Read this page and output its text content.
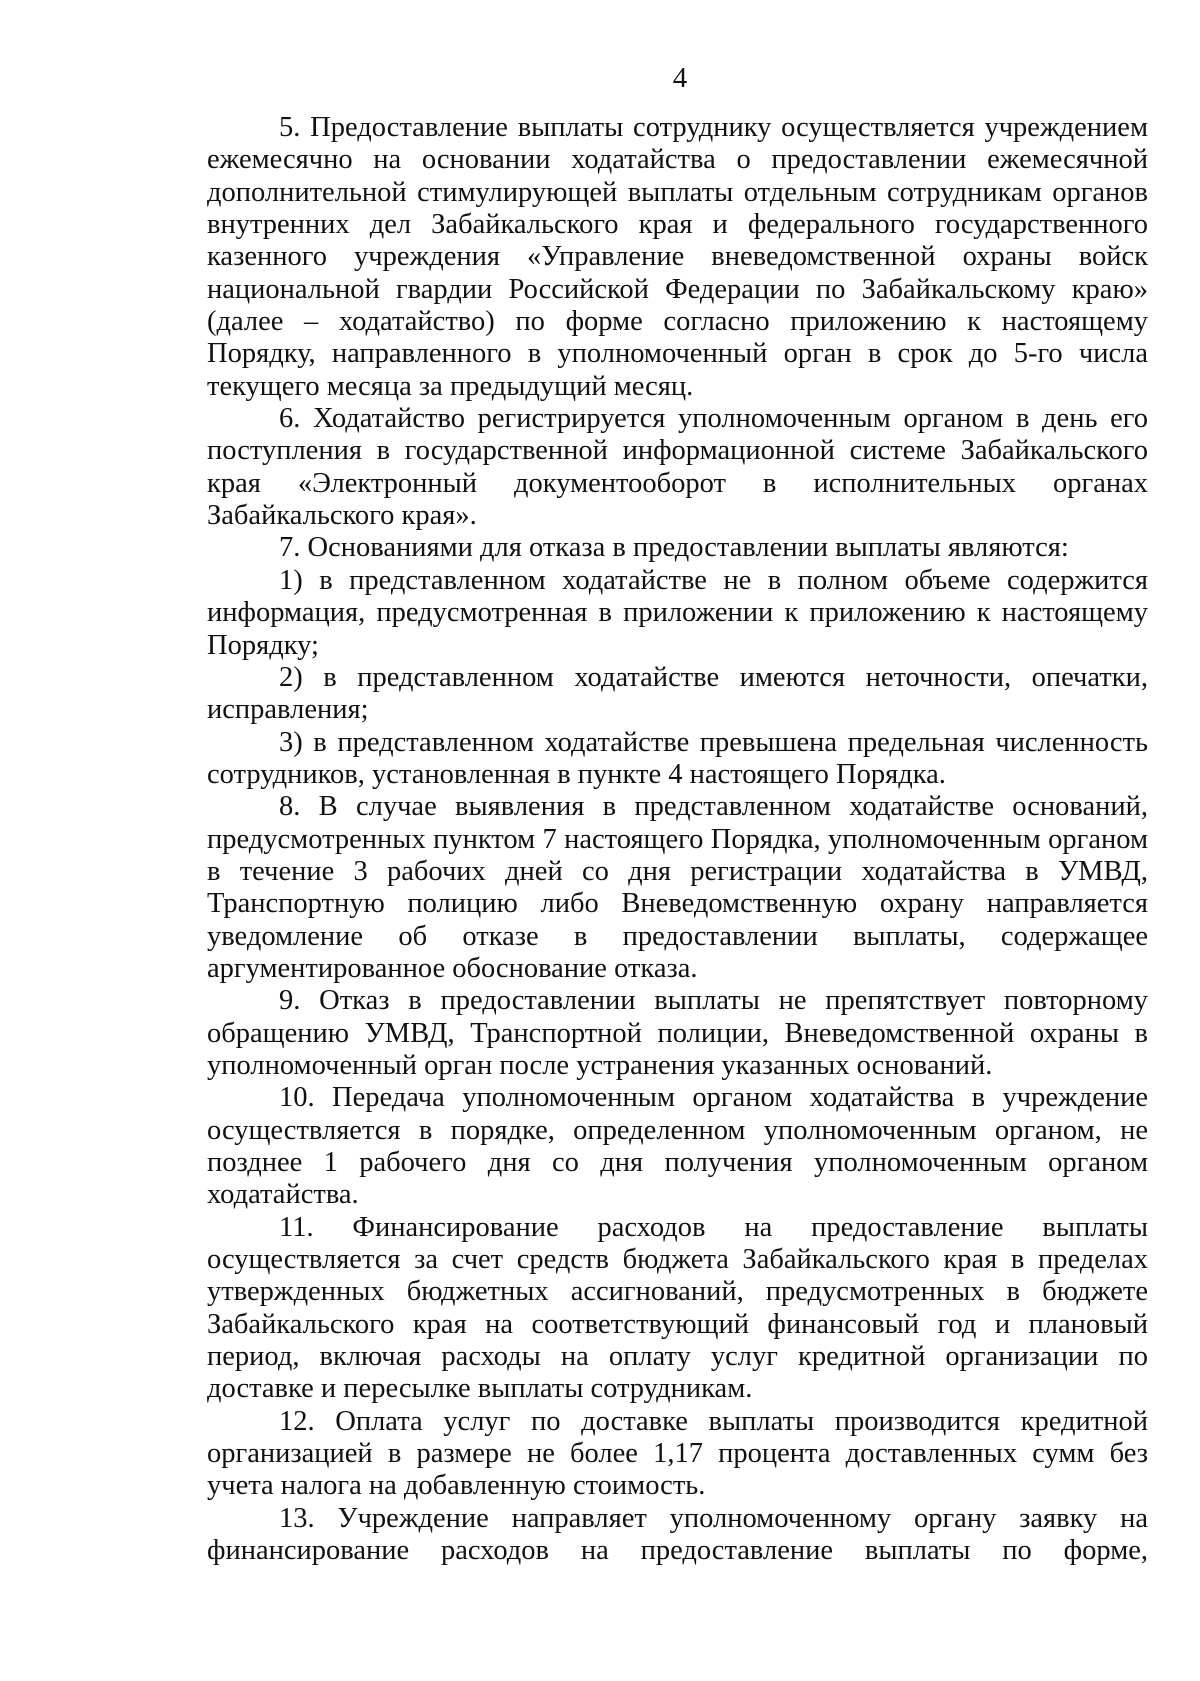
4

5. Предоставление выплаты сотруднику осуществляется учреждением ежемесячно на основании ходатайства о предоставлении ежемесячной дополнительной стимулирующей выплаты отдельным сотрудникам органов внутренних дел Забайкальского края и федерального государственного казенного учреждения «Управление вневедомственной охраны войск национальной гвардии Российской Федерации по Забайкальскому краю» (далее – ходатайство) по форме согласно приложению к настоящему Порядку, направленного в уполномоченный орган в срок до 5-го числа текущего месяца за предыдущий месяц.

6. Ходатайство регистрируется уполномоченным органом в день его поступления в государственной информационной системе Забайкальского края «Электронный документооборот в исполнительных органах Забайкальского края».

7. Основаниями для отказа в предоставлении выплаты являются:

1) в представленном ходатайстве не в полном объеме содержится информация, предусмотренная в приложении к приложению к настоящему Порядку;

2) в представленном ходатайстве имеются неточности, опечатки, исправления;

3) в представленном ходатайстве превышена предельная численность сотрудников, установленная в пункте 4 настоящего Порядка.

8. В случае выявления в представленном ходатайстве оснований, предусмотренных пунктом 7 настоящего Порядка, уполномоченным органом в течение 3 рабочих дней со дня регистрации ходатайства в УМВД, Транспортную полицию либо Вневедомственную охрану направляется уведомление об отказе в предоставлении выплаты, содержащее аргументированное обоснование отказа.

9. Отказ в предоставлении выплаты не препятствует повторному обращению УМВД, Транспортной полиции, Вневедомственной охраны в уполномоченный орган после устранения указанных оснований.

10. Передача уполномоченным органом ходатайства в учреждение осуществляется в порядке, определенном уполномоченным органом, не позднее 1 рабочего дня со дня получения уполномоченным органом ходатайства.

11. Финансирование расходов на предоставление выплаты осуществляется за счет средств бюджета Забайкальского края в пределах утвержденных бюджетных ассигнований, предусмотренных в бюджете Забайкальского края на соответствующий финансовый год и плановый период, включая расходы на оплату услуг кредитной организации по доставке и пересылке выплаты сотрудникам.

12. Оплата услуг по доставке выплаты производится кредитной организацией в размере не более 1,17 процента доставленных сумм без учета налога на добавленную стоимость.

13. Учреждение направляет уполномоченному органу заявку на финансирование расходов на предоставление выплаты по форме,
